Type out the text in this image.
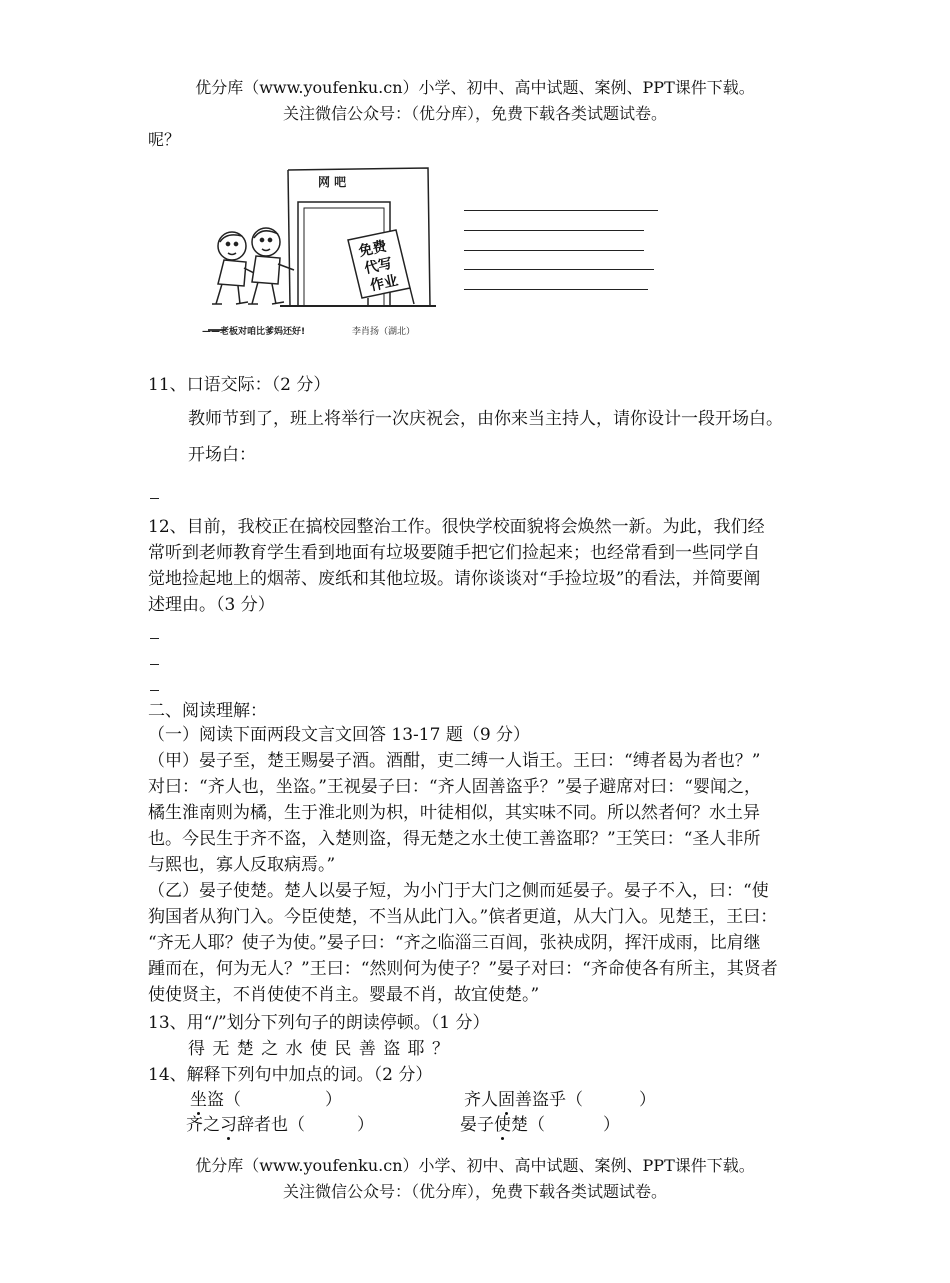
优分库（www.youfenku.cn）小学、初中、高中试题、案例、PPT课件下载。
关注微信公众号：（优分库），免费下载各类试题试卷。
呢？
网 吧
免费
代写
作业
——老板对咱比爹妈还好!	李肖扬（湖北）
11、口语交际：（2 分）
教师节到了，班上将举行一次庆祝会，由你来当主持人，请你设计一段开场白。
开场白：
12、目前，我校正在搞校园整治工作。很快学校面貌将会焕然一新。为此，我们经
常听到老师教育学生看到地面有垃圾要随手把它们捡起来；也经常看到一些同学自
觉地捡起地上的烟蒂、废纸和其他垃圾。请你谈谈对“手捡垃圾”的看法，并简要阐
述理由。（3 分）
二、阅读理解：
（一）阅读下面两段文言文回答 13-17 题（9 分）
（甲）晏子至，楚王赐晏子酒。酒酣，吏二缚一人诣王。王曰：“缚者曷为者也？”
对曰：“齐人也，坐盗。”王视晏子曰：“齐人固善盗乎？”晏子避席对曰：“婴闻之，
橘生淮南则为橘，生于淮北则为枳，叶徒相似，其实味不同。所以然者何？水土异
也。今民生于齐不盗，入楚则盗，得无楚之水土使工善盗耶？”王笑曰：“圣人非所
与熙也，寡人反取病焉。”
（乙）晏子使楚。楚人以晏子短，为小门于大门之侧而延晏子。晏子不入，曰：“使
狗国者从狗门入。今臣使楚，不当从此门入。”傧者更道，从大门入。见楚王，王曰：
“齐无人耶？使子为使。”晏子曰：“齐之临淄三百闾，张袂成阴，挥汗成雨，比肩继
踵而在，何为无人？”王曰：“然则何为使子？”晏子对曰：“齐命使各有所主，其贤者
使使贤主，不肖使使不肖主。婴最不肖，故宜使楚。”
13、用“/”划分下列句子的朗读停顿。（1 分）
得 无 楚 之 水 使 民 善 盗 耶 ？
14、解释下列句中加点的词。（2 分）
坐盗（	）	齐人固善盗乎（	）
齐之习辞者也（	）	晏子使楚（	）
优分库（www.youfenku.cn）小学、初中、高中试题、案例、PPT课件下载。
关注微信公众号：（优分库），免费下载各类试题试卷。
